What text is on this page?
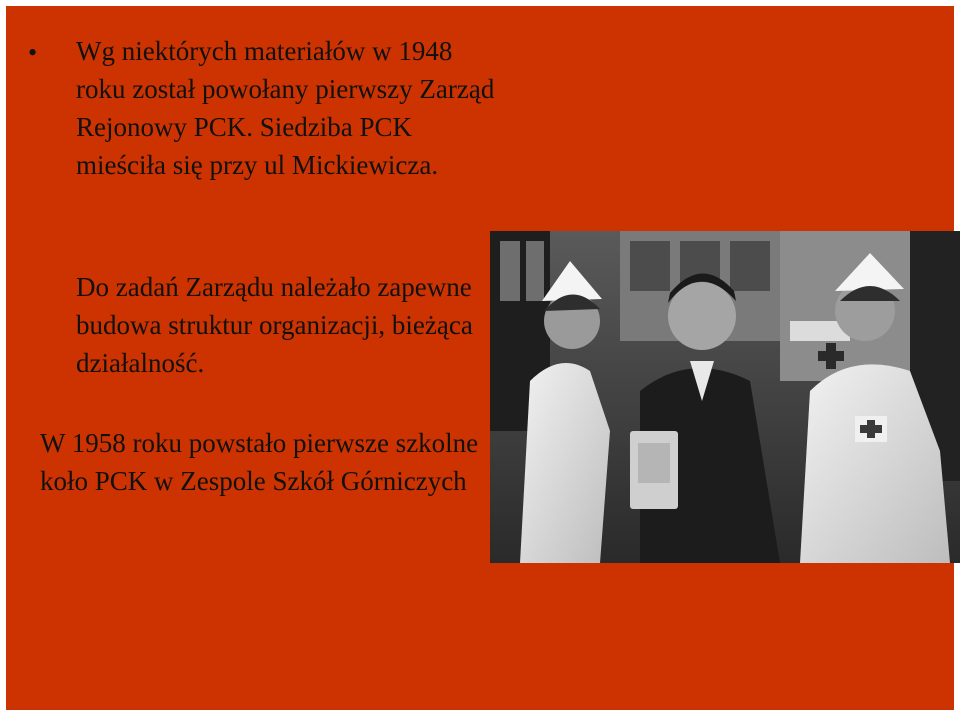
• Wg niektórych materiałów w 1948 roku został powołany pierwszy Zarząd Rejonowy PCK. Siedziba PCK mieściła się przy ul Mickiewicza.
Do zadań Zarządu należało zapewne budowa struktur organizacji, bieżąca działalność.
W 1958 roku powstało pierwsze szkolne koło PCK w Zespole Szkół Górniczych
